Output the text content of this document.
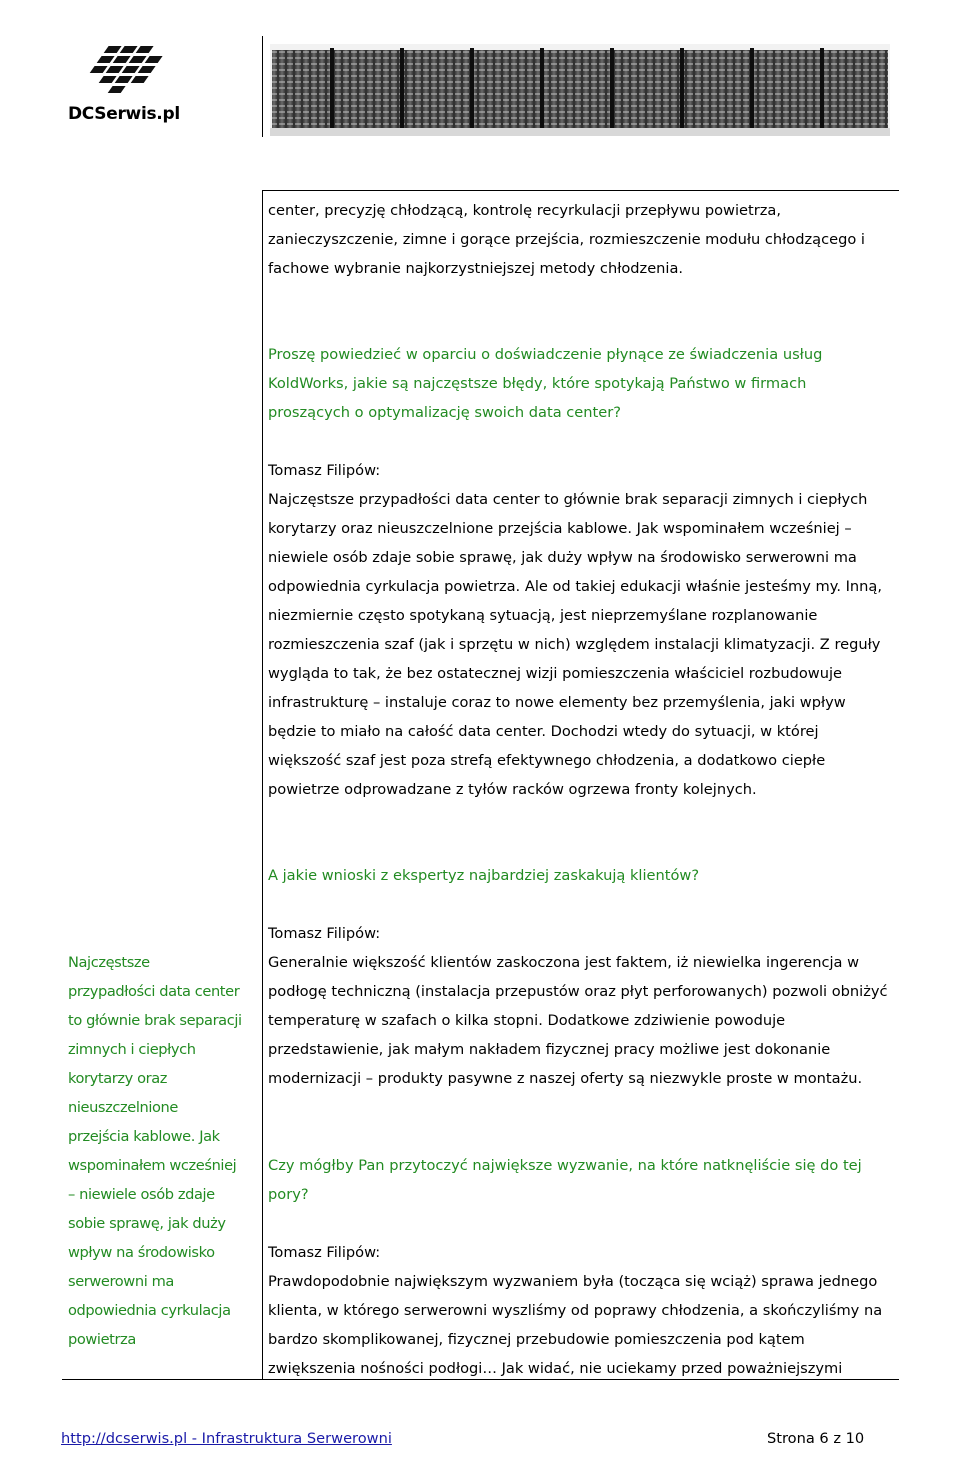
DCSerwis.pl
center, precyzję chłodzącą, kontrolę recyrkulacji przepływu powietrza,
zanieczyszczenie, zimne i gorące przejścia, rozmieszczenie modułu chłodzącego i
fachowe wybranie najkorzystniejszej metody chłodzenia.
Proszę powiedzieć w oparciu o doświadczenie płynące ze świadczenia usług
KoldWorks, jakie są najczęstsze błędy, które spotykają Państwo w firmach
proszących o optymalizację swoich data center?
Tomasz Filipów:
Najczęstsze przypadłości data center to głównie brak separacji zimnych i ciepłych
korytarzy oraz nieuszczelnione przejścia kablowe. Jak wspominałem wcześniej –
niewiele osób zdaje sobie sprawę, jak duży wpływ na środowisko serwerowni ma
odpowiednia cyrkulacja powietrza. Ale od takiej edukacji właśnie jesteśmy my. Inną,
niezmiernie często spotykaną sytuacją, jest nieprzemyślane rozplanowanie
rozmieszczenia szaf (jak i sprzętu w nich) względem instalacji klimatyzacji. Z reguły
wygląda to tak, że bez ostatecznej wizji pomieszczenia właściciel rozbudowuje
infrastrukturę – instaluje coraz to nowe elementy bez przemyślenia, jaki wpływ
będzie to miało na całość data center. Dochodzi wtedy do sytuacji, w której
większość szaf jest poza strefą efektywnego chłodzenia, a dodatkowo ciepłe
powietrze odprowadzane z tyłów racków ogrzewa fronty kolejnych.
A jakie wnioski z ekspertyz najbardziej zaskakują klientów?
Tomasz Filipów:
Generalnie większość klientów zaskoczona jest faktem, iż niewielka ingerencja w
podłogę techniczną (instalacja przepustów oraz płyt perforowanych) pozwoli obniżyć
temperaturę w szafach o kilka stopni. Dodatkowe zdziwienie powoduje
przedstawienie, jak małym nakładem fizycznej pracy możliwe jest dokonanie
modernizacji – produkty pasywne z naszej oferty są niezwykle proste w montażu.
Czy mógłby Pan przytoczyć największe wyzwanie, na które natknęliście się do tej
pory?
Tomasz Filipów:
Prawdopodobnie największym wyzwaniem była (tocząca się wciąż) sprawa jednego
klienta, w którego serwerowni wyszliśmy od poprawy chłodzenia, a skończyliśmy na
bardzo skomplikowanej, fizycznej przebudowie pomieszczenia pod kątem
zwiększenia nośności podłogi… Jak widać, nie uciekamy przed poważniejszymi
Najczęstsze
przypadłości data center
to głównie brak separacji
zimnych i ciepłych
korytarzy oraz
nieuszczelnione
przejścia kablowe. Jak
wspominałem wcześniej
– niewiele osób zdaje
sobie sprawę, jak duży
wpływ na środowisko
serwerowni ma
odpowiednia cyrkulacja
powietrza
http://dcserwis.pl - Infrastruktura Serwerowni	Strona 6 z 10
